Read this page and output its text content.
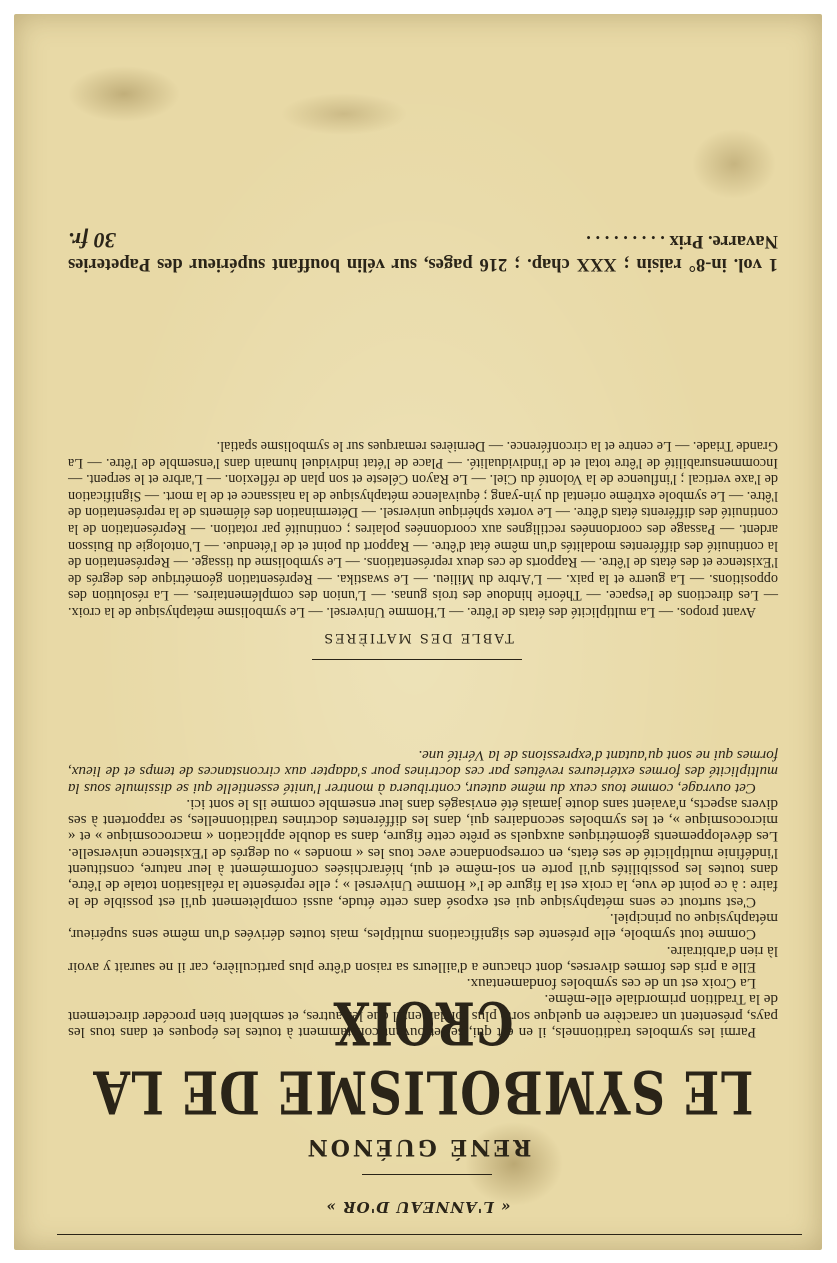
« L'ANNEAU D'OR »
RENÉ GUÉNON
LE SYMBOLISME DE LA CROIX

Parmi les symboles traditionnels, il en est qui, se retrouvant constamment à toutes les époques et dans tous les pays, présentent un caractère en quelque sorte plus fondamental que les autres, et semblent bien procéder directement de la Tradition primordiale elle-même.

La Croix est un de ces symboles fondamentaux.

Elle a pris des formes diverses, dont chacune a d'ailleurs sa raison d'être plus particulière, car il ne saurait y avoir là rien d'arbitraire.

Comme tout symbole, elle présente des significations multiples, mais toutes dérivées d'un même sens supérieur, métaphysique ou principiel.

C'est surtout ce sens métaphysique qui est exposé dans cette étude, aussi complètement qu'il est possible de le faire : à ce point de vue, la croix est la figure de l'« Homme Universel » ; elle représente la réalisation totale de l'être, dans toutes les possibilités qu'il porte en soi-même et qui, hiérarchisées conformément à leur nature, constituent l'indéfinie multiplicité de ses états, en correspondance avec tous les « mondes » ou degrés de l'Existence universelle. Les développements géométriques auxquels se prête cette figure, dans sa double application « macrocosmique » et « microcosmique », et les symboles secondaires qui, dans les différentes doctrines traditionnelles, se rapportent à ses divers aspects, n'avaient sans doute jamais été envisagés dans leur ensemble comme ils le sont ici.

Cet ouvrage, comme tous ceux du même auteur, contribuera à montrer l'unité essentielle qui se dissimule sous la multiplicité des formes extérieures revêtues par ces doctrines pour s'adapter aux circonstances de temps et de lieux, formes qui ne sont qu'autant d'expressions de la Vérité une.

TABLE DES MATIÈRES

Avant propos. — La multiplicité des états de l'être. — L'Homme Universel. — Le symbolisme métaphysique de la croix. — Les directions de l'espace. — Théorie hindoue des trois gunas. — L'union des complémentaires. — La résolution des oppositions. — La guerre et la paix. — L'Arbre du Milieu. — Le swastika. — Représentation géométrique des degrés de l'Existence et des états de l'être. — Rapports de ces deux représentations. — Le symbolisme du tissage. — Représentation de la continuité des différentes modalités d'un même état d'être. — Rapport du point et de l'étendue. — L'ontologie du Buisson ardent. — Passage des coordonnées rectilignes aux coordonnées polaires ; continuité par rotation. — Représentation de la continuité des différents états d'être. — Le vortex sphérique universel. — Détermination des éléments de la représentation de l'être. — Le symbole extrême oriental du yin-yang ; équivalence métaphysique de la naissance et de la mort. — Signification de l'axe vertical ; l'influence de la Volonté du Ciel. — Le Rayon Céleste et son plan de réflexion. — L'arbre et le serpent. — Incommensurabilité de l'être total et de l'individualité. — Place de l'état individuel humain dans l'ensemble de l'être. — La Grande Triade. — Le centre et la circonférence. — Dernières remarques sur le symbolisme spatial.

1 vol. in-8° raisin ; XXX chap. ; 216 pages, sur vélin bouffant supérieur des Papeteries Navarre. Prix . . . . . . . . .
30 fr.
